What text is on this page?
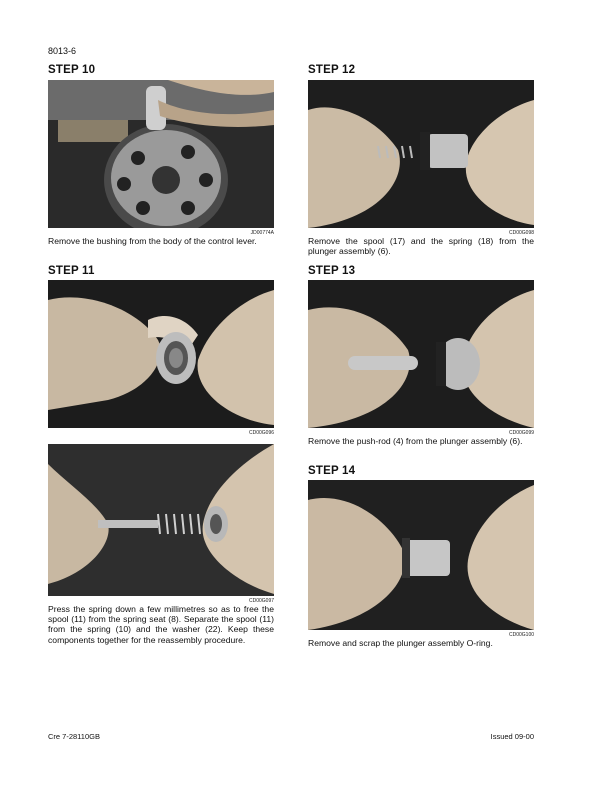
8013-6
STEP 10
JD00774A
Remove the bushing from the body of the control lever.
STEP 11
CD00G096
CD00G097
Press the spring down a few millimetres so as to free the spool (11) from the spring seat (8). Separate the spool (11) from the spring (10) and the washer (22). Keep these components together for the reassembly procedure.
STEP 12
CD00G098
Remove the spool (17) and the spring (18) from the plunger assembly (6).
STEP 13
CD00G099
Remove the push-rod (4) from the plunger assembly (6).
STEP 14
CD00G100
Remove and scrap the plunger assembly O-ring.
Cre 7-28110GB	Issued 09-00
